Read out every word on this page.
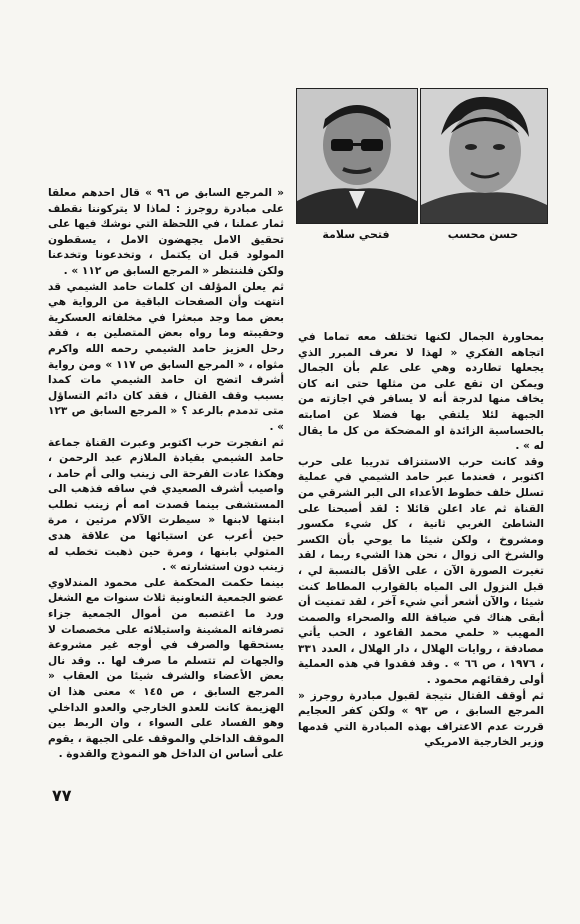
فتحي سلامة	حسن محسب

« المرجع السابق ص ٩٦ » قال احدهم معلقا على مبادرة روجرز : لماذا لا يتركوننا نقطف ثمار عملنا ، في اللحظة التي نوشك فيها على تحقيق الامل يجهضون الامل ، يسقطون المولود قبل ان يكتمل ، وتخدعونا وتخدعنا ولكن فلننتظر « المرجع السابق ص ١١٢ » .

ثم يعلن المؤلف ان كلمات حامد الشيمي قد انتهت وأن الصفحات الباقية من الرواية هي بعض مما وجد مبعثرا في مخلفاته العسكرية وحقيبته وما رواه بعض المتصلين به ، فقد رحل العزيز حامد الشيمي رحمه الله واكرم مثواه ، « المرجع السابق ص ١١٧ » ومن رواية أشرف اتضح ان حامد الشيمي مات كمدا بسبب وقف القتال ، فقد كان دائم التساؤل متى تدمدم بالرعد ؟ « المرجع السابق ص ١٢٣ » .

ثم انفجرت حرب اكتوبر وعبرت القناة جماعة حامد الشيمي بقيادة الملازم عبد الرحمن ، وهكذا عادت الفرحة الى زينب والى أم حامد ، واصيب أشرف الصعيدي في ساقه فذهب الى المستشفى بينما قصدت امه أم زينب تطلب ابنتها لابنها « سيطرت الآلام مرتين ، مرة حين أعرب عن استيائها من علاقة هدى المتولي بابنها ، ومرة حين ذهبت تخطب له زينب دون استشارته » .

بينما حكمت المحكمة على محمود المندلاوي عضو الجمعية التعاونية ثلاث سنوات مع الشغل ورد ما اغتصبه من أموال الجمعية جزاء تصرفاته المشينة واستيلائه على مخصصات لا يستحقها والصرف في أوجه غير مشروعة والجهات لم تتسلم ما صرف لها .. وقد نال بعض الأعضاء والشرف شيئا من العقاب « المرجع السابق ، ص ١٤٥ » معنى هذا ان الهزيمة كانت للعدو الخارجي والعدو الداخلي وهو الفساد على السواء ، وان الربط بين الموقف الداخلي والموقف على الجبهة ، يقوم على أساس ان الداخل هو النموذج والقدوة .

بمحاورة الجمال لكنها تختلف معه تماما في اتجاهه الفكري « لهذا لا نعرف المبرر الذي يجعلها تطارده وهي على علم بأن الجمال ويمكن ان تقع على من مثلها حتى انه كان يخاف منها لدرجة أنه لا يسافر في اجازته من الجبهة لئلا يلتقي بها فضلا عن اصابته بالحساسية الزائدة او المضحكة من كل ما يقال له » .

وقد كانت حرب الاستنزاف تدريبا على حرب اكتوبر ، فعندما عبر حامد الشيمي في عملية تسلل خلف خطوط الأعداء الى البر الشرقي من القناة ثم عاد اعلن قائلا : لقد أصبحنا على الشاطئ الغربي ثانية ، كل شيء مكسور ومشروخ ، ولكن شيئا ما يوحي بأن الكسر والشرخ الى زوال ، نحن هذا الشيء ربما ، لقد تغيرت الصورة الآن ، على الأقل بالنسبة لي ، قبل النزول الى المياه بالقوارب المطاط كنت شيئا ، والآن أشعر أني شيء آخر ، لقد تمنيت أن أبقى هناك في ضيافة الله والصحراء والصمت المهيب « حلمي محمد القاعود ، الحب يأتي مصادفة ، روايات الهلال ، دار الهلال ، العدد ٣٣١ ، ١٩٧٦ ، ص ٦٦ » . وقد فقدوا في هذه العملية أولى رفقائهم محمود .

ثم أوقف القتال نتيجة لقبول مبادرة روجرز « المرجع السابق ، ص ٩٣ » ولكن كفر العجايم قررت عدم الاعتراف بهذه المبادرة التي قدمها وزير الخارجية الامريكي

٧٧
